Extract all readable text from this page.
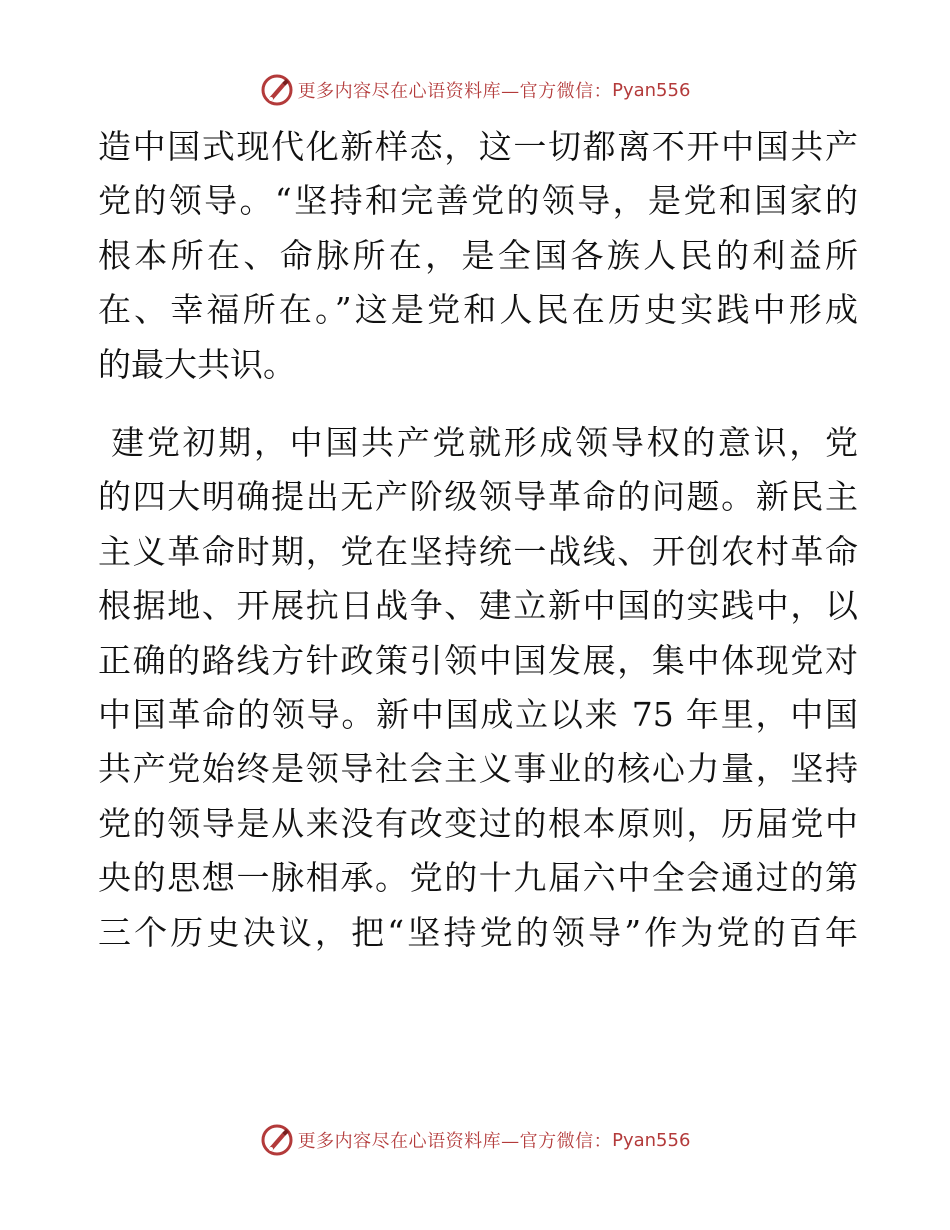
更多内容尽在心语资料库—官方微信： Pyan556
造中国式现代化新样态，这一切都离不开中国共产
党的领导。“坚持和完善党的领导，是党和国家的
根本所在、命脉所在，是全国各族人民的利益所
在、幸福所在。”这是党和人民在历史实践中形成
的最大共识。
建党初期，中国共产党就形成领导权的意识，党
的四大明确提出无产阶级领导革命的问题。新民主
主义革命时期，党在坚持统一战线、开创农村革命
根据地、开展抗日战争、建立新中国的实践中，以
正确的路线方针政策引领中国发展，集中体现党对
中国革命的领导。新中国成立以来 75 年里，中国
共产党始终是领导社会主义事业的核心力量，坚持
党的领导是从来没有改变过的根本原则，历届党中
央的思想一脉相承。党的十九届六中全会通过的第
三个历史决议，把“坚持党的领导”作为党的百年
更多内容尽在心语资料库—官方微信： Pyan556
